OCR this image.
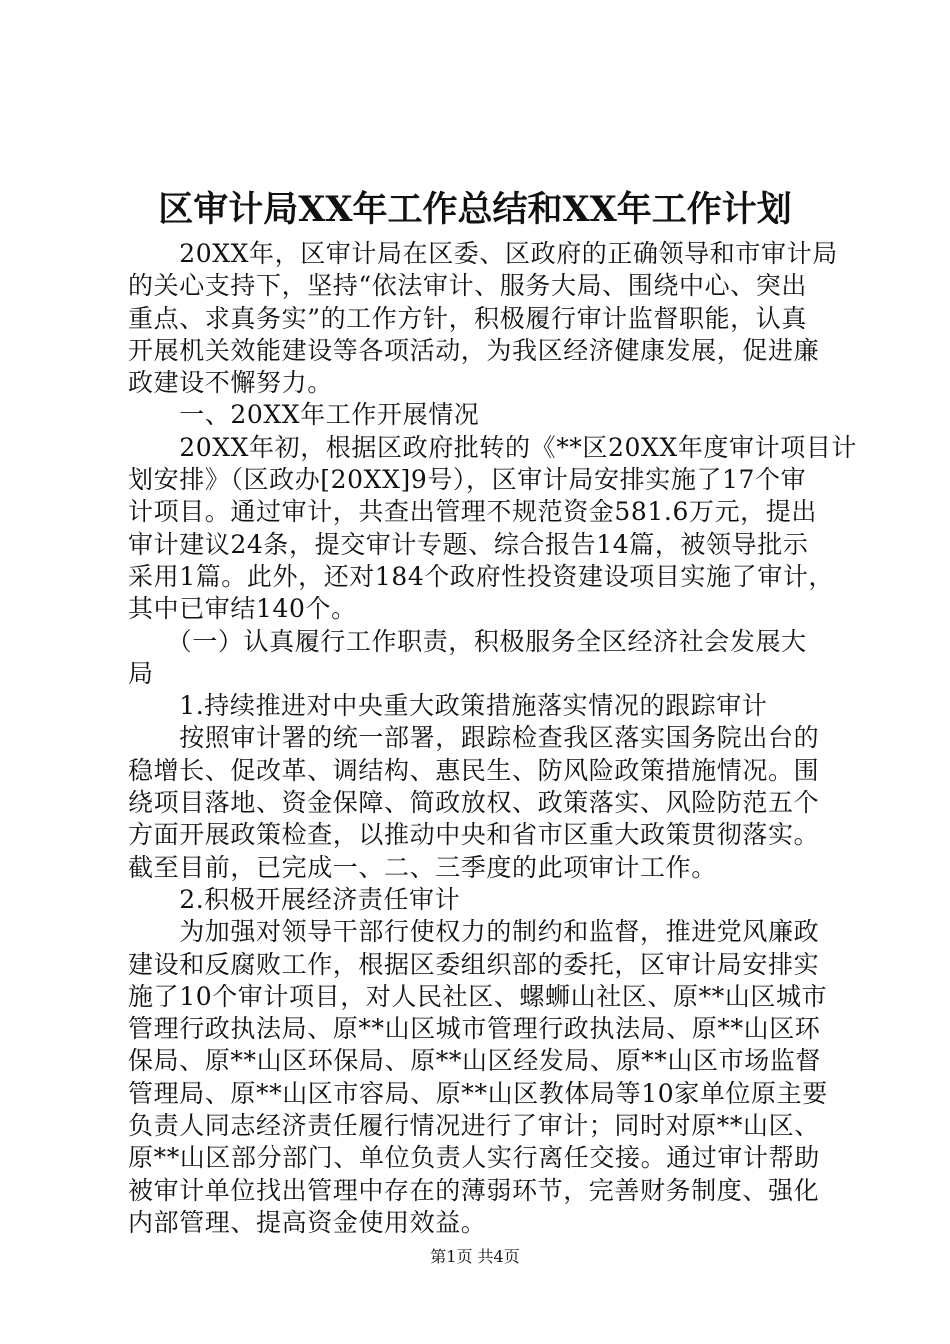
区审计局XX年工作总结和XX年工作计划
　　20XX年，区审计局在区委、区政府的正确领导和市审计局
的关心支持下，坚持“依法审计、服务大局、围绕中心、突出
重点、求真务实”的工作方针，积极履行审计监督职能，认真
开展机关效能建设等各项活动，为我区经济健康发展，促进廉
政建设不懈努力。
　　一、20XX年工作开展情况
　　20XX年初，根据区政府批转的《**区20XX年度审计项目计
划安排》（区政办[20XX]9号），区审计局安排实施了17个审
计项目。通过审计，共查出管理不规范资金581.6万元，提出
审计建议24条，提交审计专题、综合报告14篇，被领导批示
采用1篇。此外，还对184个政府性投资建设项目实施了审计，
其中已审结140个。
　　（一）认真履行工作职责，积极服务全区经济社会发展大
局
　　1.持续推进对中央重大政策措施落实情况的跟踪审计
　　按照审计署的统一部署，跟踪检查我区落实国务院出台的
稳增长、促改革、调结构、惠民生、防风险政策措施情况。围
绕项目落地、资金保障、简政放权、政策落实、风险防范五个
方面开展政策检查，以推动中央和省市区重大政策贯彻落实。
截至目前，已完成一、二、三季度的此项审计工作。
　　2.积极开展经济责任审计
　　为加强对领导干部行使权力的制约和监督，推进党风廉政
建设和反腐败工作，根据区委组织部的委托，区审计局安排实
施了10个审计项目，对人民社区、螺蛳山社区、原**山区城市
管理行政执法局、原**山区城市管理行政执法局、原**山区环
保局、原**山区环保局、原**山区经发局、原**山区市场监督
管理局、原**山区市容局、原**山区教体局等10家单位原主要
负责人同志经济责任履行情况进行了审计；同时对原**山区、
原**山区部分部门、单位负责人实行离任交接。通过审计帮助
被审计单位找出管理中存在的薄弱环节，完善财务制度、强化
内部管理、提高资金使用效益。
第1页 共4页
